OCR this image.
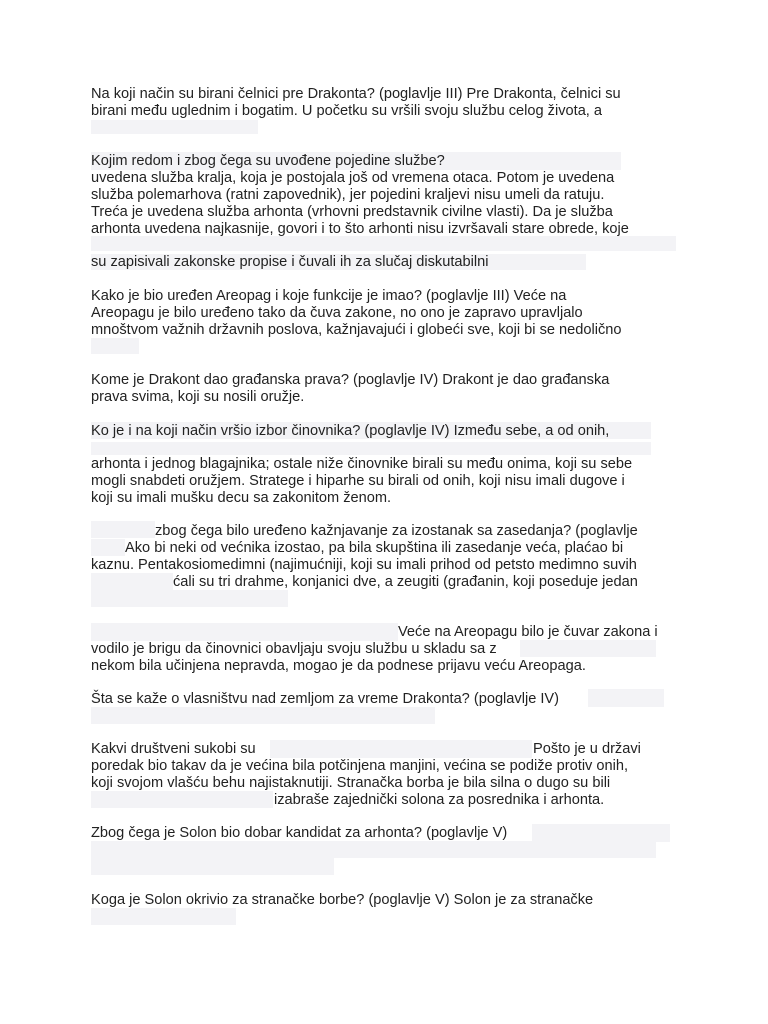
Na koji način su birani čelnici pre Drakonta? (poglavlje III) Pre Drakonta, čelnici su
birani među uglednim i bogatim. U početku su vršili svoju službu celog života, a
Kojim redom i zbog čega su uvođene pojedine službe?
uvedena služba kralja, koja je postojala još od vremena otaca. Potom je uvedena
služba polemarhova (ratni zapovednik), jer pojedini kraljevi nisu umeli da ratuju.
Treća je uvedena služba arhonta (vrhovni predstavnik civilne vlasti). Da je služba
arhonta uvedena najkasnije, govori i to što arhonti nisu izvršavali stare obrede, koje
su zapisivali zakonske propise i čuvali ih za slučaj diskutabilni
Kako je bio uređen Areopag i koje funkcije je imao? (poglavlje III) Veće na
Areopagu je bilo uređeno tako da čuva zakone, no ono je zapravo upravljalo
mnoštvom važnih državnih poslova, kažnjavajući i globeći sve, koji bi se nedolično
Kome je Drakont dao građanska prava? (poglavlje IV) Drakont je dao građanska
prava svima, koji su nosili oružje.
Ko je i na koji način vršio izbor činovnika? (poglavlje IV) Između sebe, a od onih,
arhonta i jednog blagajnika; ostale niže činovnike birali su među onima, koji su sebe
mogli snabdeti oružjem. Stratege i hiparhe su birali od onih, koji nisu imali dugove i
koji su imali mušku decu sa zakonitom ženom.
zbog čega bilo uređeno kažnjavanje za izostanak sa zasedanja? (poglavlje
Ako bi neki od većnika izostao, pa bila skupština ili zasedanje veća, plaćao bi
kaznu. Pentakosiomedimni (najimućniji, koji su imali prihod od petsto medimno suvih
ćali su tri drahme, konjanici dve, a zeugiti (građanin, koji poseduje jedan
Veće na Areopagu bilo je čuvar zakona i
vodilo je brigu da činovnici obavljaju svoju službu u skladu sa z
nekom bila učinjena nepravda, mogao je da podnese prijavu veću Areopaga.
Šta se kaže o vlasništvu nad zemljom za vreme Drakonta? (poglavlje IV)
Kakvi društveni sukobi su	Pošto je u državi
poredak bio takav da je većina bila potčinjena manjini, većina se podiže protiv onih,
koji svojom vlašću behu najistaknutiji. Stranačka borba je bila silna o dugo su bili
izabraše zajednički solona za posrednika i arhonta.
Zbog čega je Solon bio dobar kandidat za arhonta? (poglavlje V)
Koga je Solon okrivio za stranačke borbe? (poglavlje V) Solon je za stranačke
